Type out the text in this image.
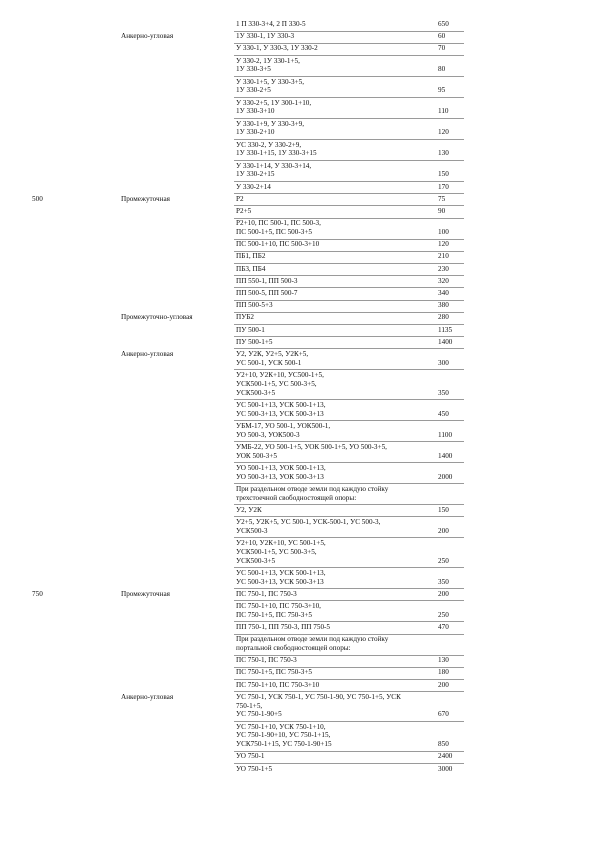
1 П 330-3+4, 2 П 330-5	650
Анкерно-угловая	1У 330-1, 1У 330-3	60
У 330-1, У 330-3, 1У 330-2	70
У 330-2, 1У 330-1+5,
1У 330-3+5	80
У 330-1+5, У 330-3+5,
1У 330-2+5	95
У 330-2+5, 1У 300-1+10,
1У 330-3+10	110
У 330-1+9, У 330-3+9,
1У 330-2+10	120
УС 330-2, У 330-2+9,
1У 330-1+15, 1У 330-3+15	130
У 330-1+14, У 330-3+14,
1У 330-2+15	150
У 330-2+14	170
500	Промежуточная	Р2	75
Р2+5	90
Р2+10, ПС 500-1, ПС 500-3,
ПС 500-1+5, ПС 500-3+5	100
ПС 500-1+10, ПС 500-3+10	120
ПБ1, ПБ2	210
ПБ3, ПБ4	230
ПП 550-1, ПП 500-3	320
ПП 500-5, ПП 500-7	340
ПП 500-5+3	380
Промежуточно-угловая	ПУБ2	280
ПУ 500-1	1135
ПУ 500-1+5	1400
Анкерно-угловая	У2, У2К, У2+5, У2К+5,
УС 500-1, УСК 500-1	300
У2+10, У2К+10, УС500-1+5,
УСК500-1+5, УС 500-3+5,
УСК500-3+5	350
УС 500-1+13, УСК 500-1+13,
УС 500-3+13, УСК 500-3+13	450
УБМ-17, УО 500-1, УОК500-1,
УО 500-3, УОК500-3	1100
УМБ-22, УО 500-1+5, УОК 500-1+5, УО 500-3+5,
УОК 500-3+5	1400
УО 500-1+13, УОК 500-1+13,
УО 500-3+13, УОК 500-3+13	2000
При раздельном отводе земли под каждую стойку
трехстоечной свободностоящей опоры:
У2, У2К	150
У2+5, У2К+5, УС 500-1, УСК-500-1, УС 500-3,
УСК500-3	200
У2+10, У2К+10, УС 500-1+5,
УСК500-1+5, УС 500-3+5,
УСК500-3+5	250
УС 500-1+13, УСК 500-1+13,
УС 500-3+13, УСК 500-3+13	350
750	Промежуточная	ПС 750-1, ПС 750-3	200
ПС 750-1+10, ПС 750-3+10,
ПС 750-1+5, ПС 750-3+5	250
ПП 750-1, ПП 750-3, ПП 750-5	470
При раздельном отводе земли под каждую стойку
портальной свободностоящей опоры:
ПС 750-1, ПС 750-3	130
ПС 750-1+5, ПС 750-3+5	180
ПС 750-1+10, ПС 750-3+10	200
Анкерно-угловая	УС 750-1, УСК 750-1, УС 750-1-90, УС 750-1+5, УСК
750-1+5,
УС 750-1-90+5	670
УС 750-1+10, УСК 750-1+10,
УС 750-1-90+10, УС 750-1+15,
УСК750-1+15, УС 750-1-90+15	850
УО 750-1	2400
УО 750-1+5	3000
